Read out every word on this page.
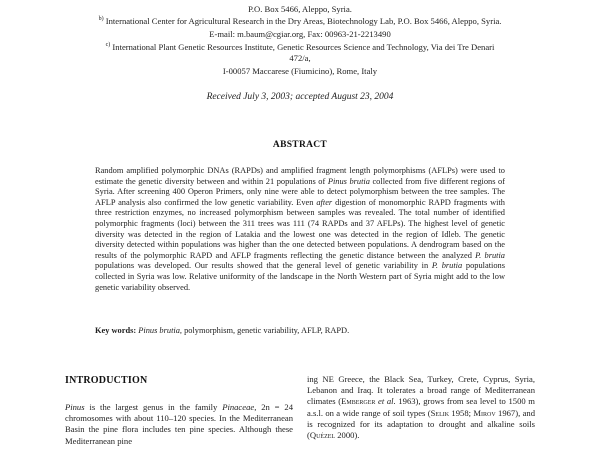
P.O. Box 5466, Aleppo, Syria.
$^{b)}$ International Center for Agricultural Research in the Dry Areas, Biotechnology Lab, P.O. Box 5466, Aleppo, Syria.
E-mail: m.baum@cgiar.org, Fax: 00963-21-2213490
$^{c)}$ International Plant Genetic Resources Institute, Genetic Resources Science and Technology, Via dei Tre Denari
472/a,
I-00057 Maccarese (Fiumicino), Rome, Italy
Received July 3, 2003; accepted August 23, 2004
ABSTRACT
Random amplified polymorphic DNAs (RAPDs) and amplified fragment length polymorphisms (AFLPs) were used to estimate the genetic diversity between and within 21 populations of Pinus brutia collected from five different regions of Syria. After screening 400 Operon Primers, only nine were able to detect polymorphism between the tree samples. The AFLP analysis also confirmed the low genetic variability. Even after digestion of monomorphic RAPD fragments with three restriction enzymes, no increased polymorphism between samples was revealed. The total number of identified polymorphic fragments (loci) between the 311 trees was 111 (74 RAPDs and 37 AFLPs). The highest level of genetic diversity was detected in the region of Latakia and the lowest one was detected in the region of Idleb. The genetic diversity detected within populations was higher than the one detected between populations. A dendrogram based on the results of the polymorphic RAPD and AFLP fragments reflecting the genetic distance between the analyzed P. brutia populations was developed. Our results showed that the general level of genetic variability in P. brutia populations collected in Syria was low. Relative uniformity of the landscape in the North Western part of Syria might add to the low genetic variability observed.
Key words: Pinus brutia, polymorphism, genetic variability, AFLP, RAPD.
INTRODUCTION
Pinus is the largest genus in the family Pinaceae, 2n = 24 chromosomes with about 110–120 species. In the Mediterranean Basin the pine flora includes ten pine species. Although these Mediterranean pine
ing NE Greece, the Black Sea, Turkey, Crete, Cyprus, Syria, Lebanon and Iraq. It tolerates a broad range of Mediterranean climates (Emberger et al. 1963), grows from sea level to 1500 m a.s.l. on a wide range of soil types (Selik 1958; Mirov 1967), and is recognized for its adaptation to drought and alkaline soils (Quézel 2000).
